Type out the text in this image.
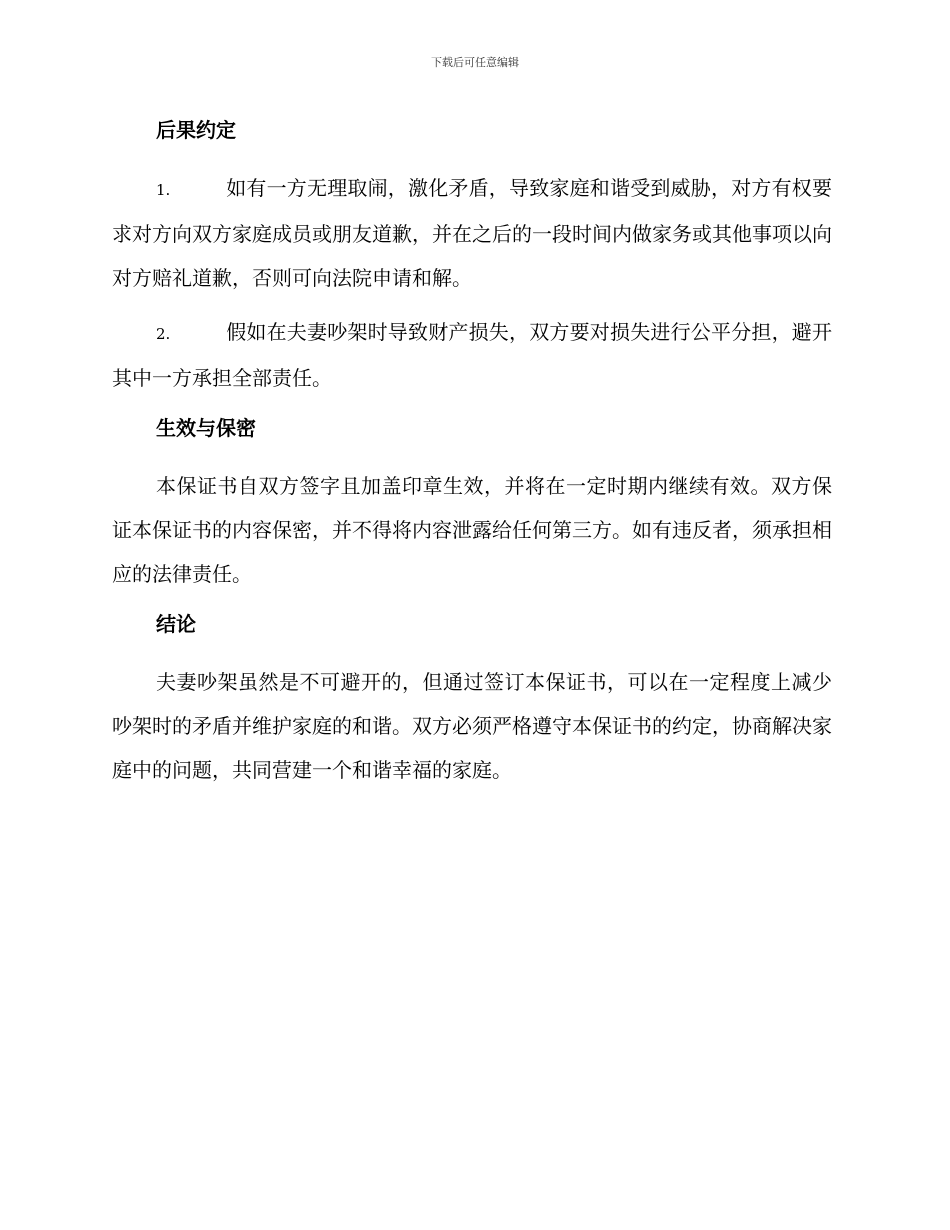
下载后可任意编辑
后果约定
1.	如有一方无理取闹，激化矛盾，导致家庭和谐受到威胁，对方有权要求对方向双方家庭成员或朋友道歉，并在之后的一段时间内做家务或其他事项以向对方赔礼道歉，否则可向法院申请和解。
2.	假如在夫妻吵架时导致财产损失，双方要对损失进行公平分担，避开其中一方承担全部责任。
生效与保密
本保证书自双方签字且加盖印章生效，并将在一定时期内继续有效。双方保证本保证书的内容保密，并不得将内容泄露给任何第三方。如有违反者，须承担相应的法律责任。
结论
夫妻吵架虽然是不可避开的，但通过签订本保证书，可以在一定程度上减少吵架时的矛盾并维护家庭的和谐。双方必须严格遵守本保证书的约定，协商解决家庭中的问题，共同营建一个和谐幸福的家庭。
